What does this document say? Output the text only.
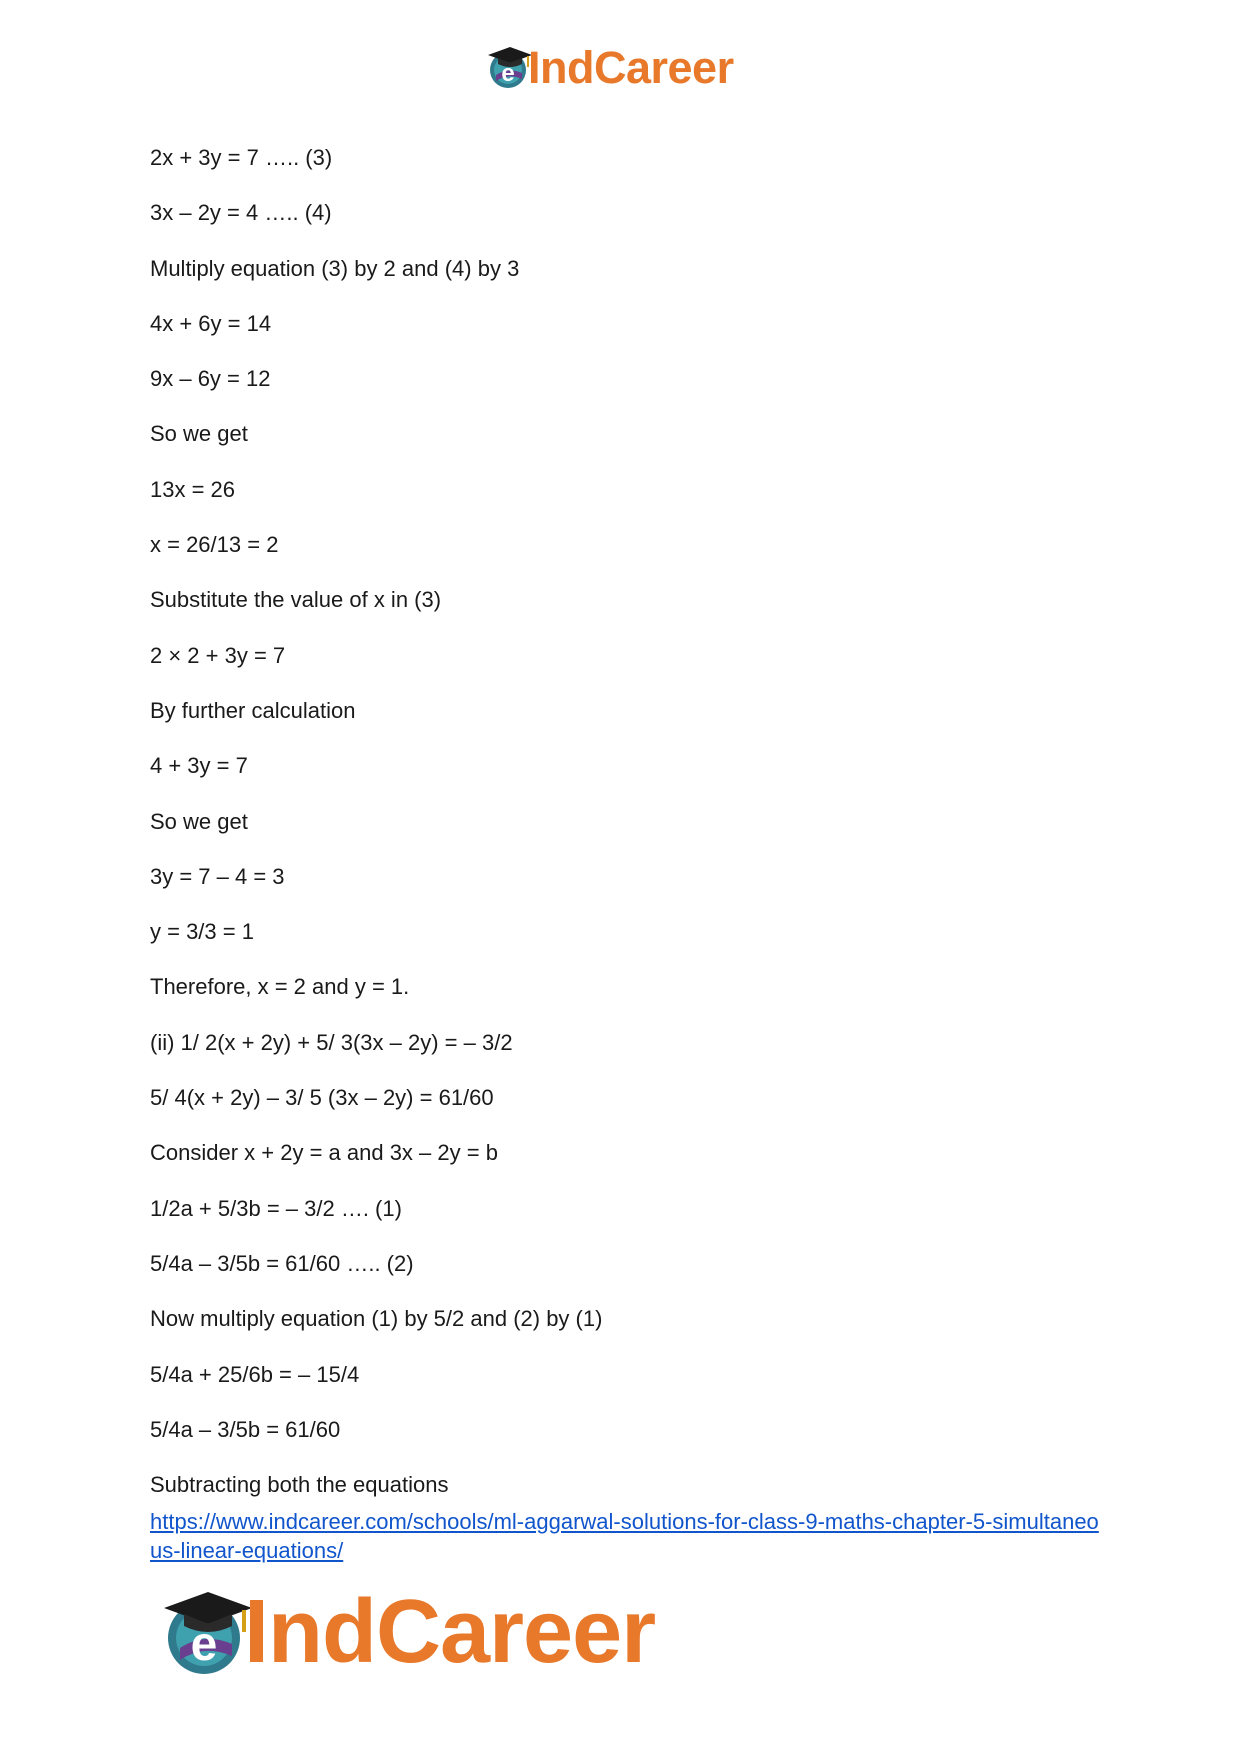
e IndCareer
2x + 3y = 7 ….. (3)
3x – 2y = 4 ….. (4)
Multiply equation (3) by 2 and (4) by 3
4x + 6y = 14
9x – 6y = 12
So we get
13x = 26
x = 26/13 = 2
Substitute the value of x in (3)
2 × 2 + 3y = 7
By further calculation
4 + 3y = 7
So we get
3y = 7 – 4 = 3
y = 3/3 = 1
Therefore, x = 2 and y = 1.
(ii) 1/ 2(x + 2y) + 5/ 3(3x – 2y) = – 3/2
5/ 4(x + 2y) – 3/ 5 (3x – 2y) = 61/60
Consider x + 2y = a and 3x – 2y = b
1/2a + 5/3b = – 3/2 …. (1)
5/4a – 3/5b = 61/60 ….. (2)
Now multiply equation (1) by 5/2 and (2) by (1)
5/4a + 25/6b = – 15/4
5/4a – 3/5b = 61/60
Subtracting both the equations
https://www.indcareer.com/schools/ml-aggarwal-solutions-for-class-9-maths-chapter-5-simultaneous-linear-equations/
e IndCareer
